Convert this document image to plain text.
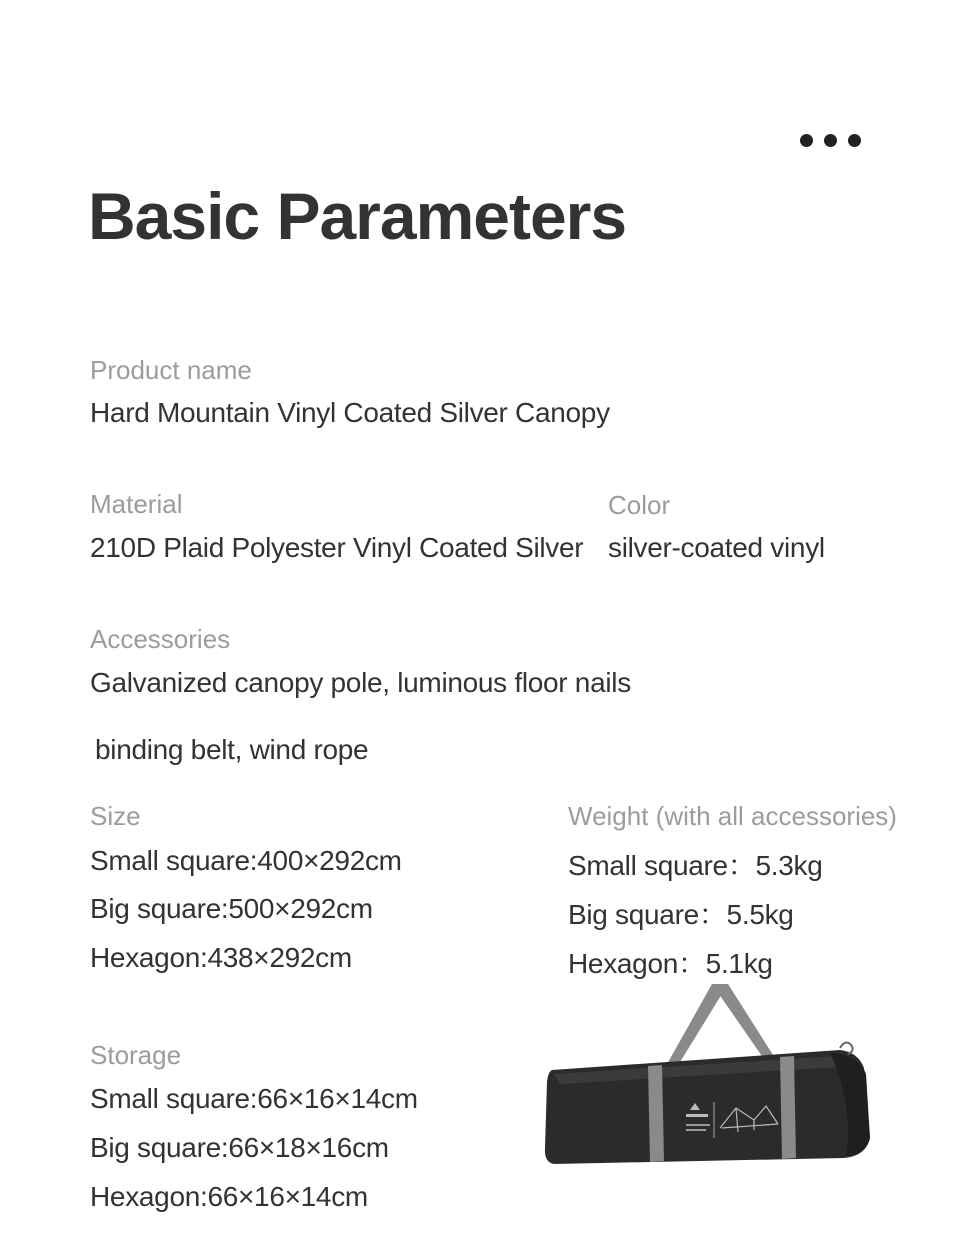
Basic Parameters
Product name
Hard Mountain Vinyl Coated Silver Canopy
Material
210D Plaid Polyester Vinyl Coated Silver
Color
silver-coated vinyl
Accessories
Galvanized canopy pole, luminous floor nails
binding belt, wind rope
Size
Small square:400×292cm
Big square:500×292cm
Hexagon:438×292cm
Weight (with all accessories)
Small square：5.3kg
Big square：5.5kg
Hexagon：5.1kg
Storage
Small square:66×16×14cm
Big square:66×18×16cm
Hexagon:66×16×14cm
